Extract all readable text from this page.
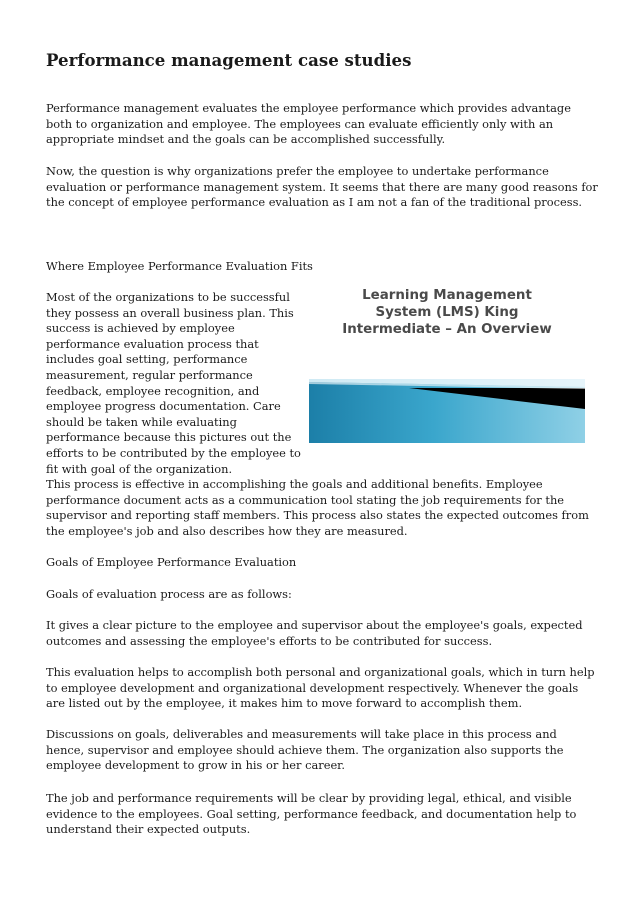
Performance management case studies

Performance management evaluates the employee performance which provides advantage both to organization and employee. The employees can evaluate efficiently only with an appropriate mindset and the goals can be accomplished successfully.

Now, the question is why organizations prefer the employee to undertake performance evaluation or performance management system. It seems that there are many good reasons for the concept of employee performance evaluation as I am not a fan of the traditional process.

Where Employee Performance Evaluation Fits

Most of the organizations to be successful they possess an overall business plan. This success is achieved by employee performance evaluation process that includes goal setting, performance measurement, regular performance feedback, employee recognition, and employee progress documentation. Care should be taken while evaluating performance because this pictures out the efforts to be contributed by the employee to fit with goal of the organization.

Learning Management
System (LMS) King
Intermediate – An Overview

This process is effective in accomplishing the goals and additional benefits. Employee performance document acts as a communication tool stating the job requirements for the supervisor and reporting staff members. This process also states the expected outcomes from the employee's job and also describes how they are measured.

Goals of Employee Performance Evaluation

Goals of evaluation process are as follows:

It gives a clear picture to the employee and supervisor about the employee's goals, expected outcomes and assessing the employee's efforts to be contributed for success.

This evaluation helps to accomplish both personal and organizational goals, which in turn help to employee development and organizational development respectively. Whenever the goals are listed out by the employee, it makes him to move forward to accomplish them.

Discussions on goals, deliverables and measurements will take place in this process and hence, supervisor and employee should achieve them. The organization also supports the employee development to grow in his or her career.

The job and performance requirements will be clear by providing legal, ethical, and visible evidence to the employees. Goal setting, performance feedback, and documentation help to understand their expected outputs.
